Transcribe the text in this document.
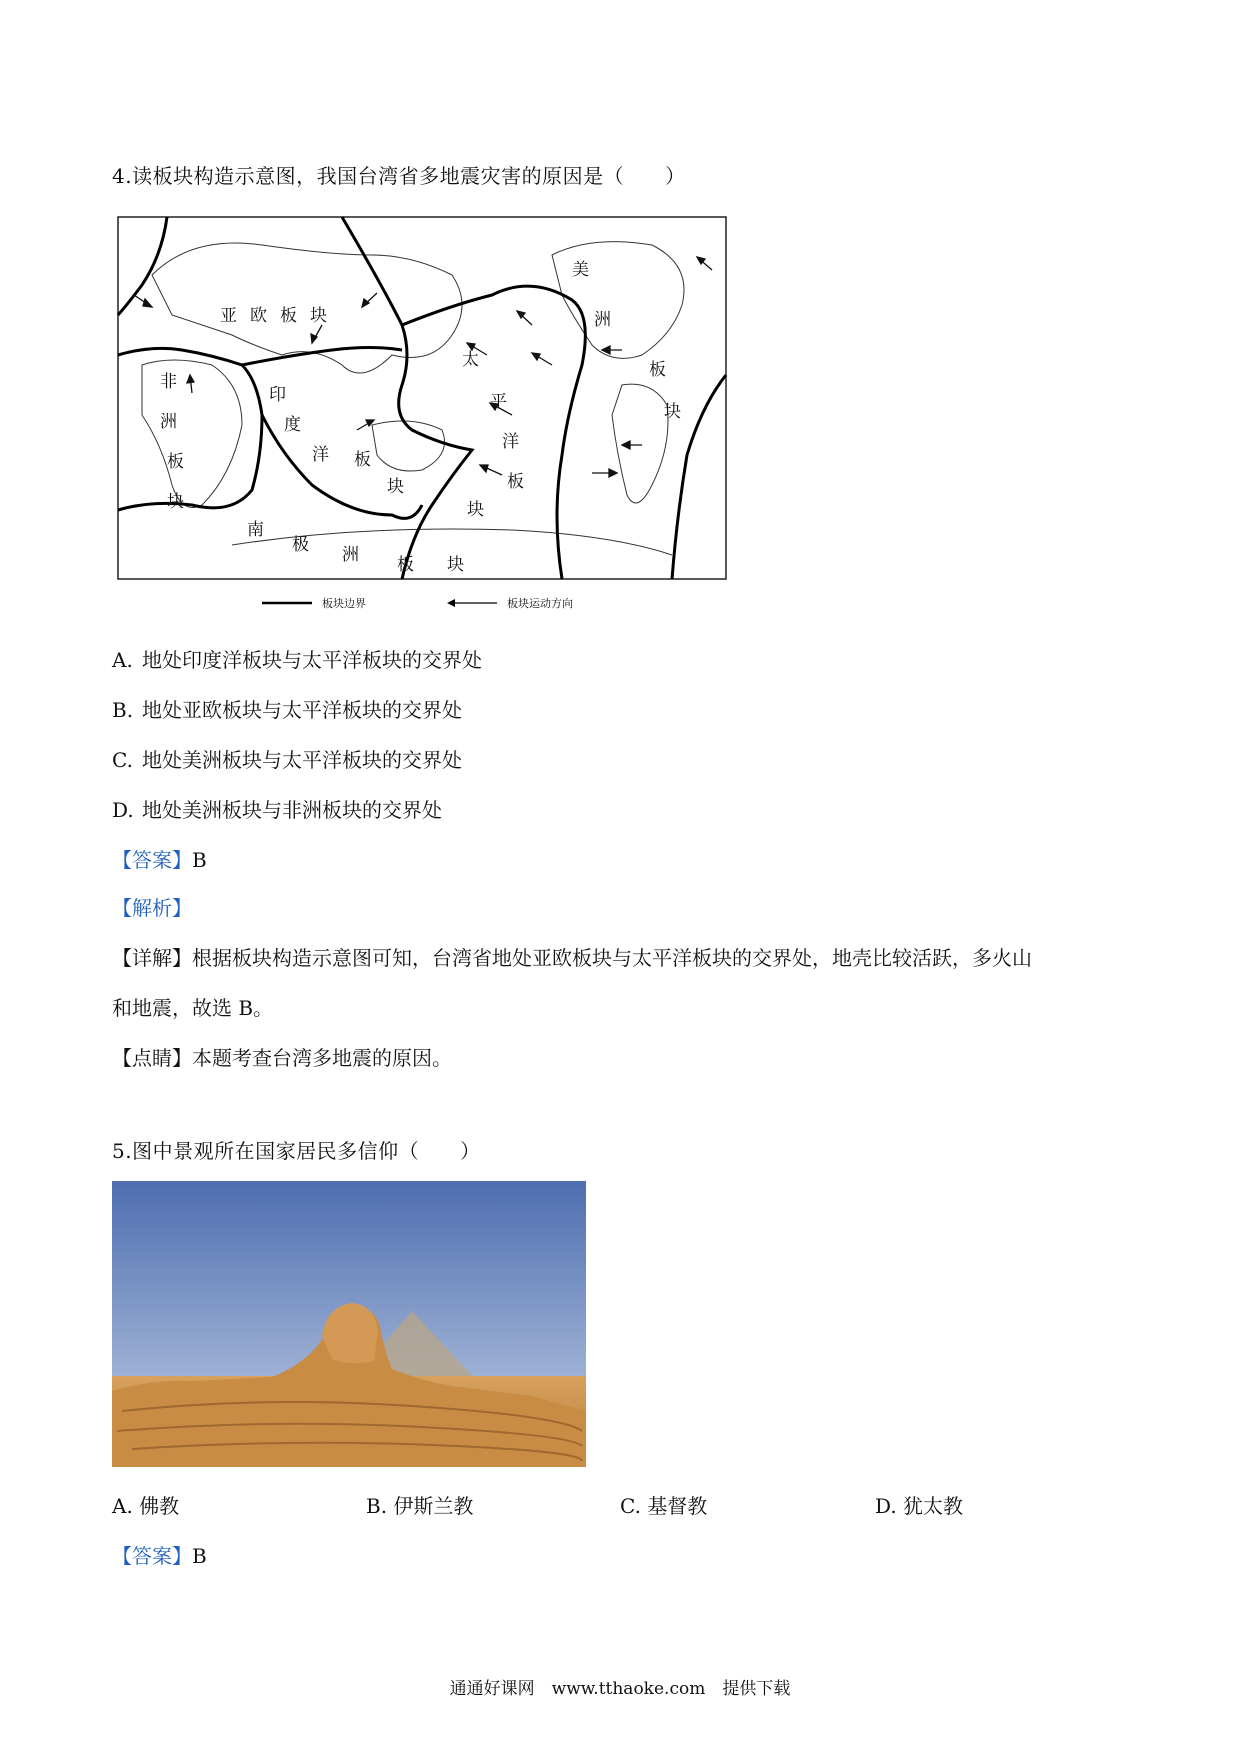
4.读板块构造示意图，我国台湾省多地震灾害的原因是（　　）
亚 欧 板 块
非
洲
板
块
印
度
洋 板
块
太
平
洋
板
块
美
洲
板
块
南
极 洲 板 块
板块边界	板块运动方向
A. 地处印度洋板块与太平洋板块的交界处
B. 地处亚欧板块与太平洋板块的交界处
C. 地处美洲板块与太平洋板块的交界处
D. 地处美洲板块与非洲板块的交界处
【答案】B
【解析】
【详解】根据板块构造示意图可知，台湾省地处亚欧板块与太平洋板块的交界处，地壳比较活跃，多火山
和地震，故选 B。
【点睛】本题考查台湾多地震的原因。
5.图中景观所在国家居民多信仰（　　）
A. 佛教	B. 伊斯兰教	C. 基督教	D. 犹太教
【答案】B
通通好课网　www.tthaoke.com　提供下载
